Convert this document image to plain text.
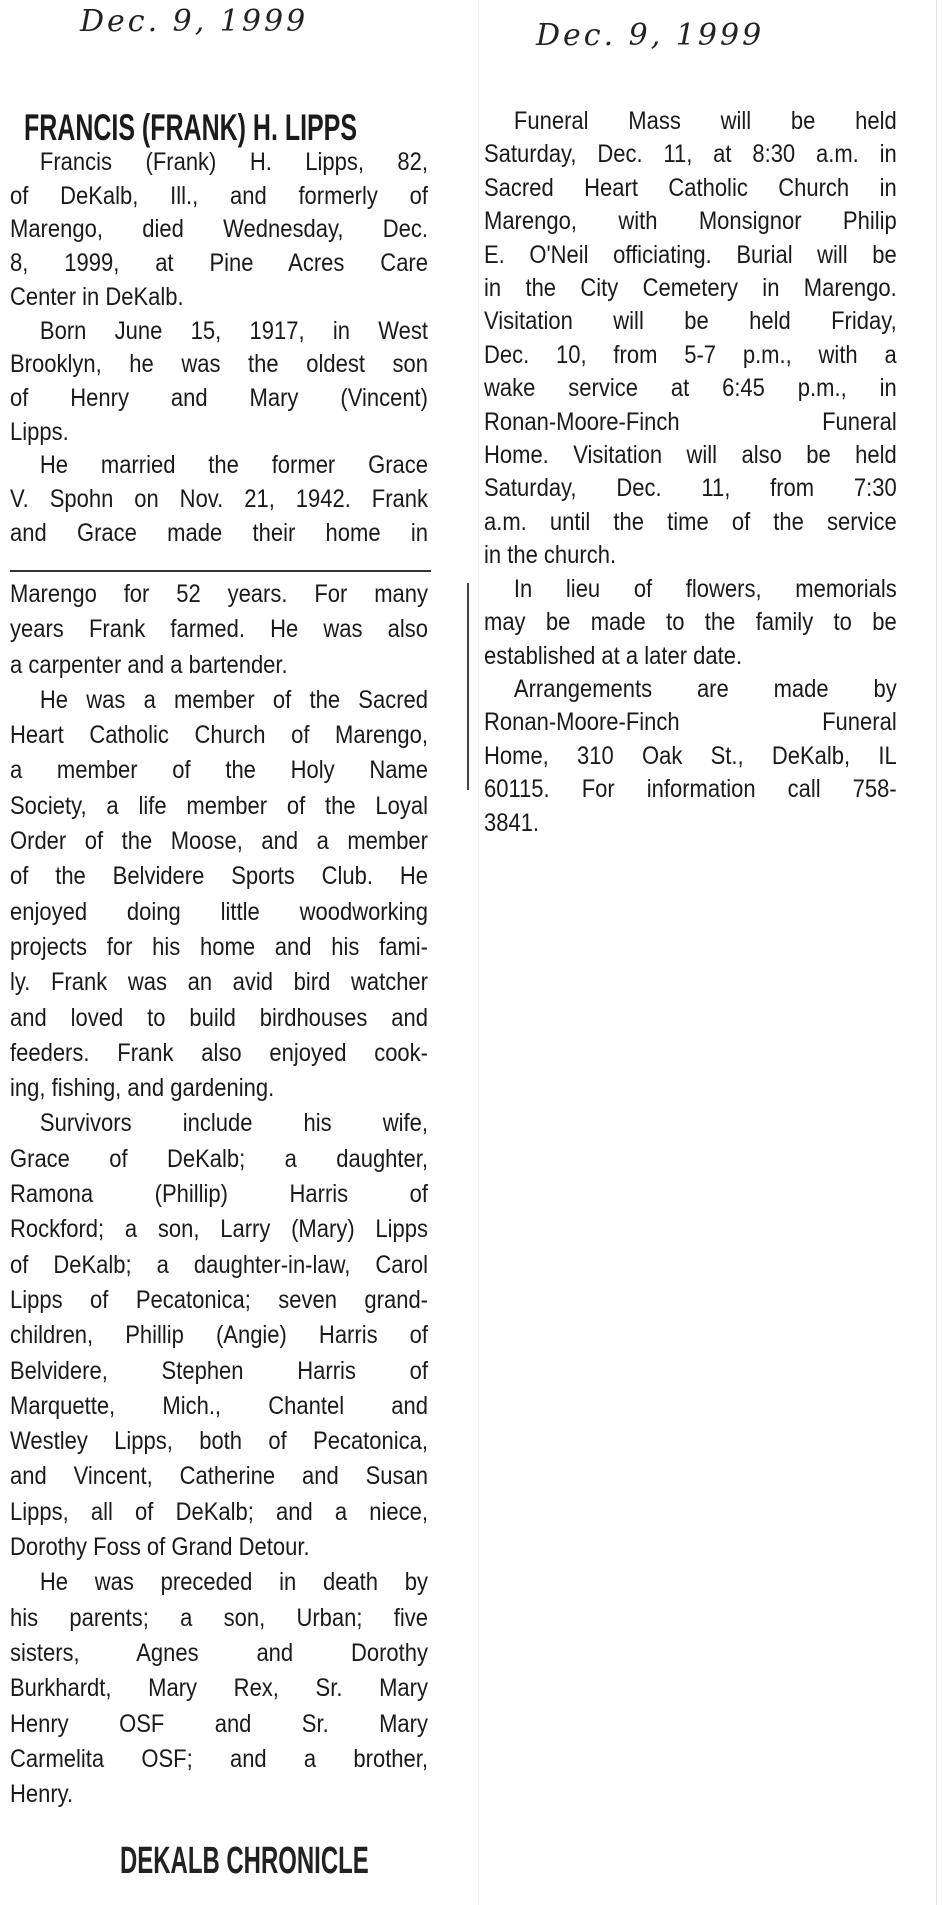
Dec. 9, 1999	Dec. 9, 1999
FRANCIS (FRANK) H. LIPPS
Francis (Frank) H. Lipps, 82,
of DeKalb, Ill., and formerly of
Marengo, died Wednesday, Dec.
8, 1999, at Pine Acres Care
Center in DeKalb.
Born June 15, 1917, in West
Brooklyn, he was the oldest son
of Henry and Mary (Vincent)
Lipps.
He married the former Grace
V. Spohn on Nov. 21, 1942. Frank
and Grace made their home in
Marengo for 52 years. For many
years Frank farmed. He was also
a carpenter and a bartender.
He was a member of the Sacred
Heart Catholic Church of Marengo,
a member of the Holy Name
Society, a life member of the Loyal
Order of the Moose, and a member
of the Belvidere Sports Club. He
enjoyed doing little woodworking
projects for his home and his fami-
ly. Frank was an avid bird watcher
and loved to build birdhouses and
feeders. Frank also enjoyed cook-
ing, fishing, and gardening.
Survivors include his wife,
Grace of DeKalb; a daughter,
Ramona (Phillip) Harris of
Rockford; a son, Larry (Mary) Lipps
of DeKalb; a daughter-in-law, Carol
Lipps of Pecatonica; seven grand-
children, Phillip (Angie) Harris of
Belvidere, Stephen Harris of
Marquette, Mich., Chantel and
Westley Lipps, both of Pecatonica,
and Vincent, Catherine and Susan
Lipps, all of DeKalb; and a niece,
Dorothy Foss of Grand Detour.
He was preceded in death by
his parents; a son, Urban; five
sisters, Agnes and Dorothy
Burkhardt, Mary Rex, Sr. Mary
Henry OSF and Sr. Mary
Carmelita OSF; and a brother,
Henry.
Funeral Mass will be held
Saturday, Dec. 11, at 8:30 a.m. in
Sacred Heart Catholic Church in
Marengo, with Monsignor Philip
E. O'Neil officiating. Burial will be
in the City Cemetery in Marengo.
Visitation will be held Friday,
Dec. 10, from 5-7 p.m., with a
wake service at 6:45 p.m., in
Ronan-Moore-Finch Funeral
Home. Visitation will also be held
Saturday, Dec. 11, from 7:30
a.m. until the time of the service
in the church.
In lieu of flowers, memorials
may be made to the family to be
established at a later date.
Arrangements are made by
Ronan-Moore-Finch Funeral
Home, 310 Oak St., DeKalb, IL
60115. For information call 758-
3841.
DEKALB CHRONICLE
